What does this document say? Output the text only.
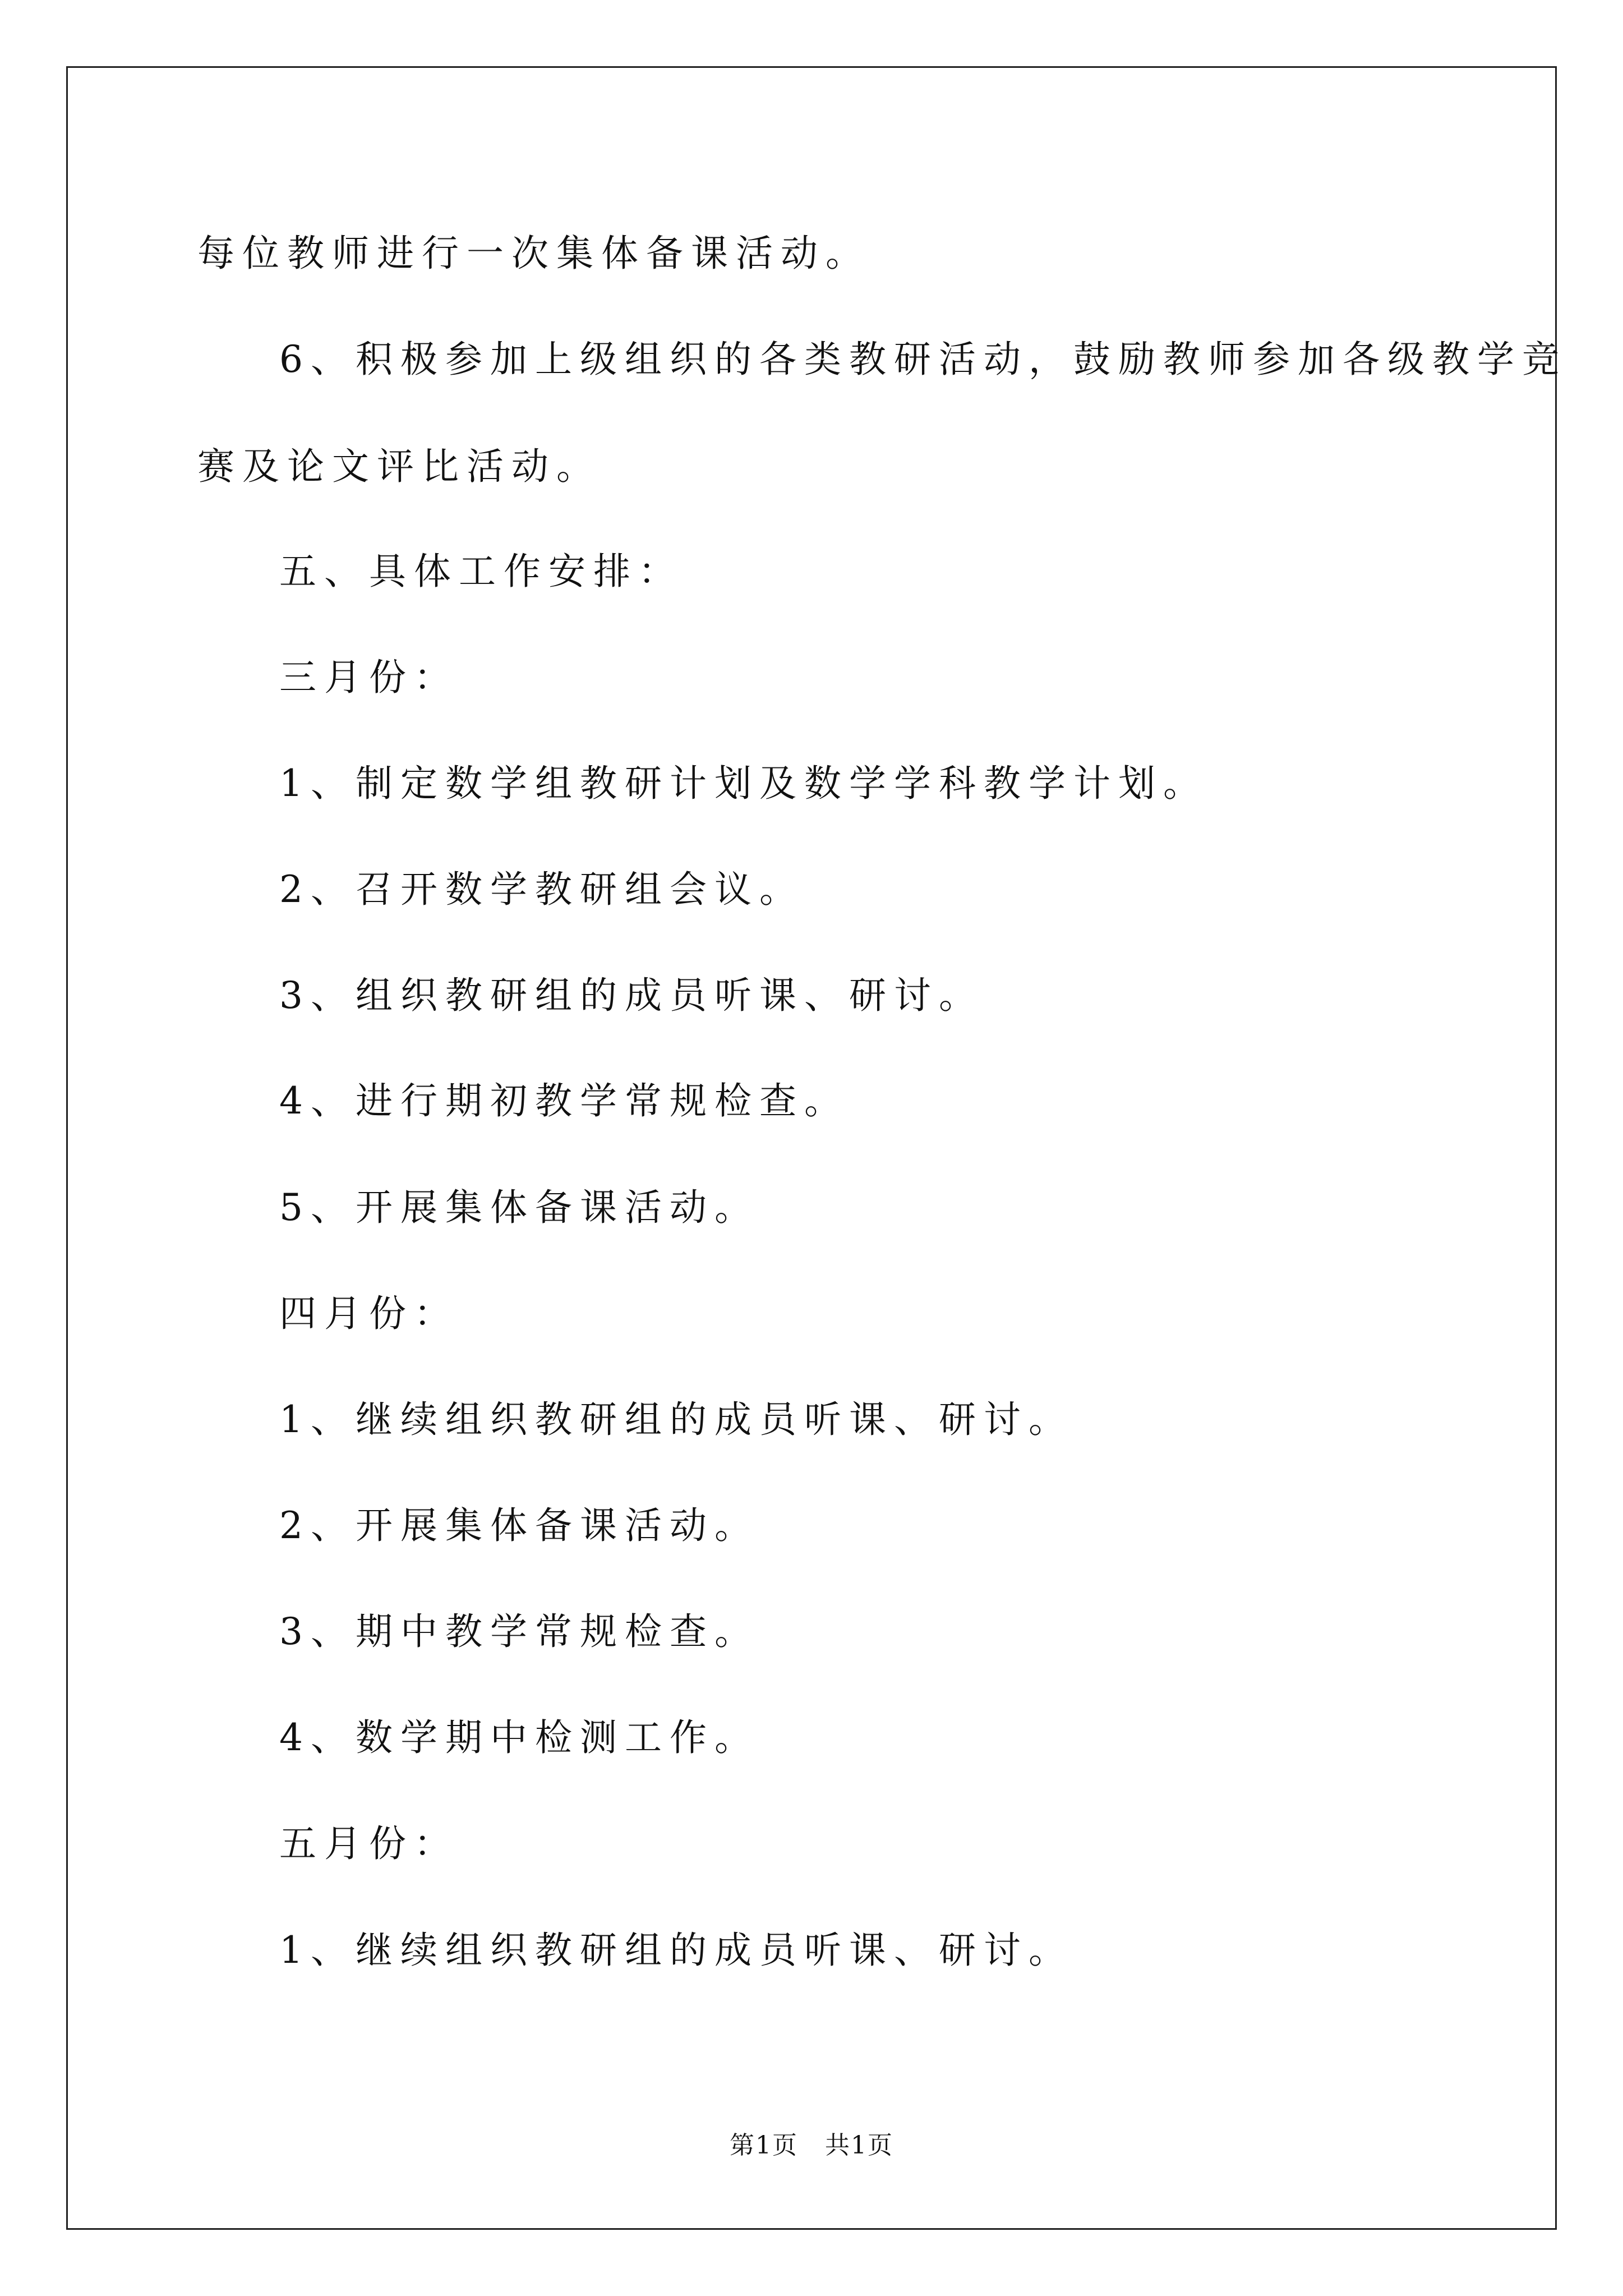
每位教师进行一次集体备课活动。
6、积极参加上级组织的各类教研活动，鼓励教师参加各级教学竞
赛及论文评比活动。
五、具体工作安排：
三月份：
1、制定数学组教研计划及数学学科教学计划。
2、召开数学教研组会议。
3、组织教研组的成员听课、研讨。
4、进行期初教学常规检查。
5、开展集体备课活动。
四月份：
1、继续组织教研组的成员听课、研讨。
2、开展集体备课活动。
3、期中教学常规检查。
4、数学期中检测工作。
五月份：
1、继续组织教研组的成员听课、研讨。
第1页 共1页
